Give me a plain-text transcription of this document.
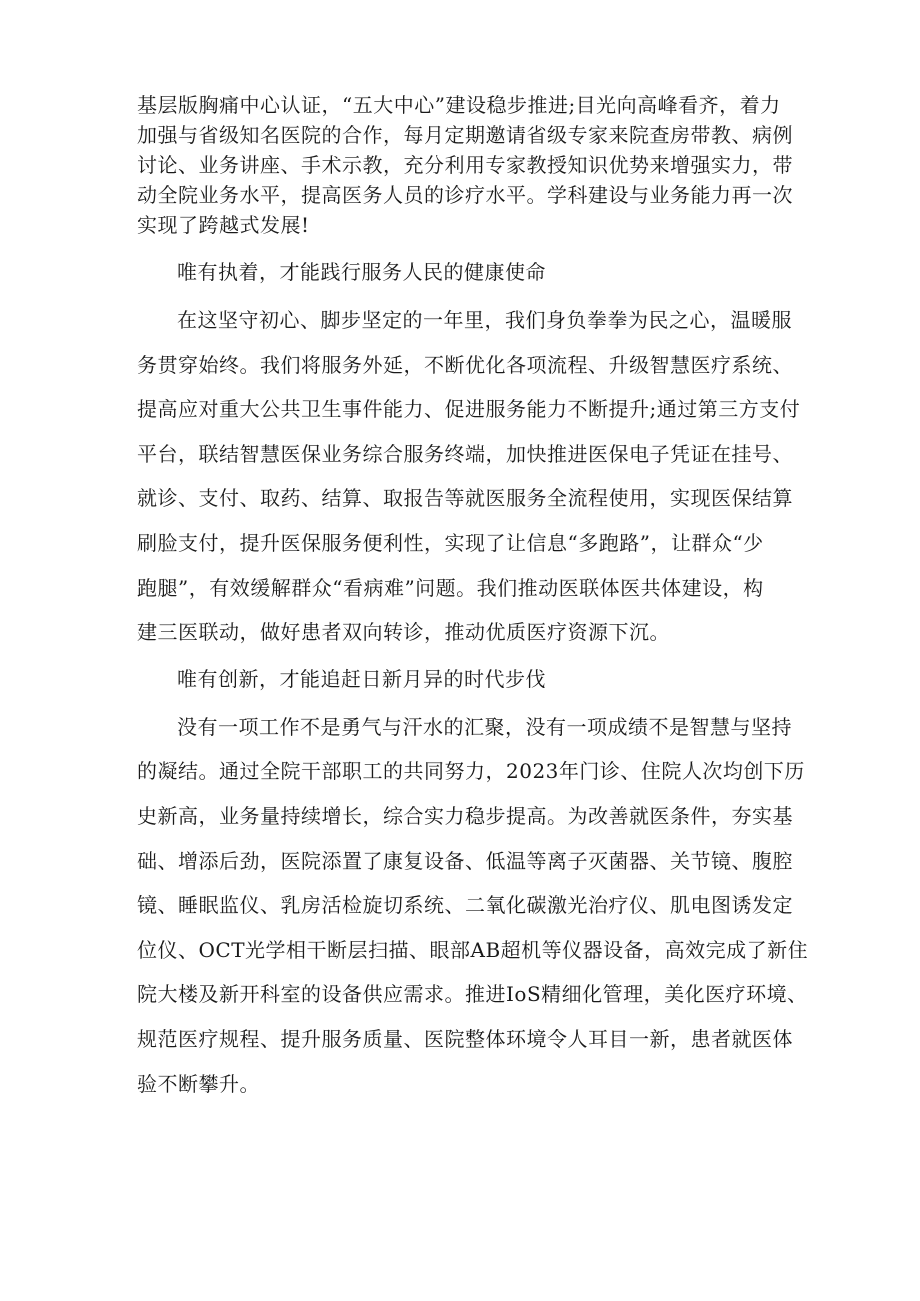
基层版胸痛中心认证，“五大中心”建设稳步推进;目光向高峰看齐，着力
加强与省级知名医院的合作，每月定期邀请省级专家来院查房带教、病例
讨论、业务讲座、手术示教，充分利用专家教授知识优势来增强实力，带
动全院业务水平，提高医务人员的诊疗水平。学科建设与业务能力再一次
实现了跨越式发展!
唯有执着，才能践行服务人民的健康使命
在这坚守初心、脚步坚定的一年里，我们身负拳拳为民之心，温暖服
务贯穿始终。我们将服务外延，不断优化各项流程、升级智慧医疗系统、
提高应对重大公共卫生事件能力、促进服务能力不断提升;通过第三方支付
平台，联结智慧医保业务综合服务终端，加快推进医保电子凭证在挂号、
就诊、支付、取药、结算、取报告等就医服务全流程使用，实现医保结算
刷脸支付，提升医保服务便利性，实现了让信息“多跑路”，让群众“少
跑腿”，有效缓解群众“看病难”问题。我们推动医联体医共体建设，构
建三医联动，做好患者双向转诊，推动优质医疗资源下沉。
唯有创新，才能追赶日新月异的时代步伐
没有一项工作不是勇气与汗水的汇聚，没有一项成绩不是智慧与坚持
的凝结。通过全院干部职工的共同努力，2023年门诊、住院人次均创下历
史新高，业务量持续增长，综合实力稳步提高。为改善就医条件，夯实基
础、增添后劲，医院添置了康复设备、低温等离子灭菌器、关节镜、腹腔
镜、睡眠监仪、乳房活检旋切系统、二氧化碳激光治疗仪、肌电图诱发定
位仪、OCT光学相干断层扫描、眼部AB超机等仪器设备，高效完成了新住
院大楼及新开科室的设备供应需求。推进IoS精细化管理，美化医疗环境、
规范医疗规程、提升服务质量、医院整体环境令人耳目一新，患者就医体
验不断攀升。
